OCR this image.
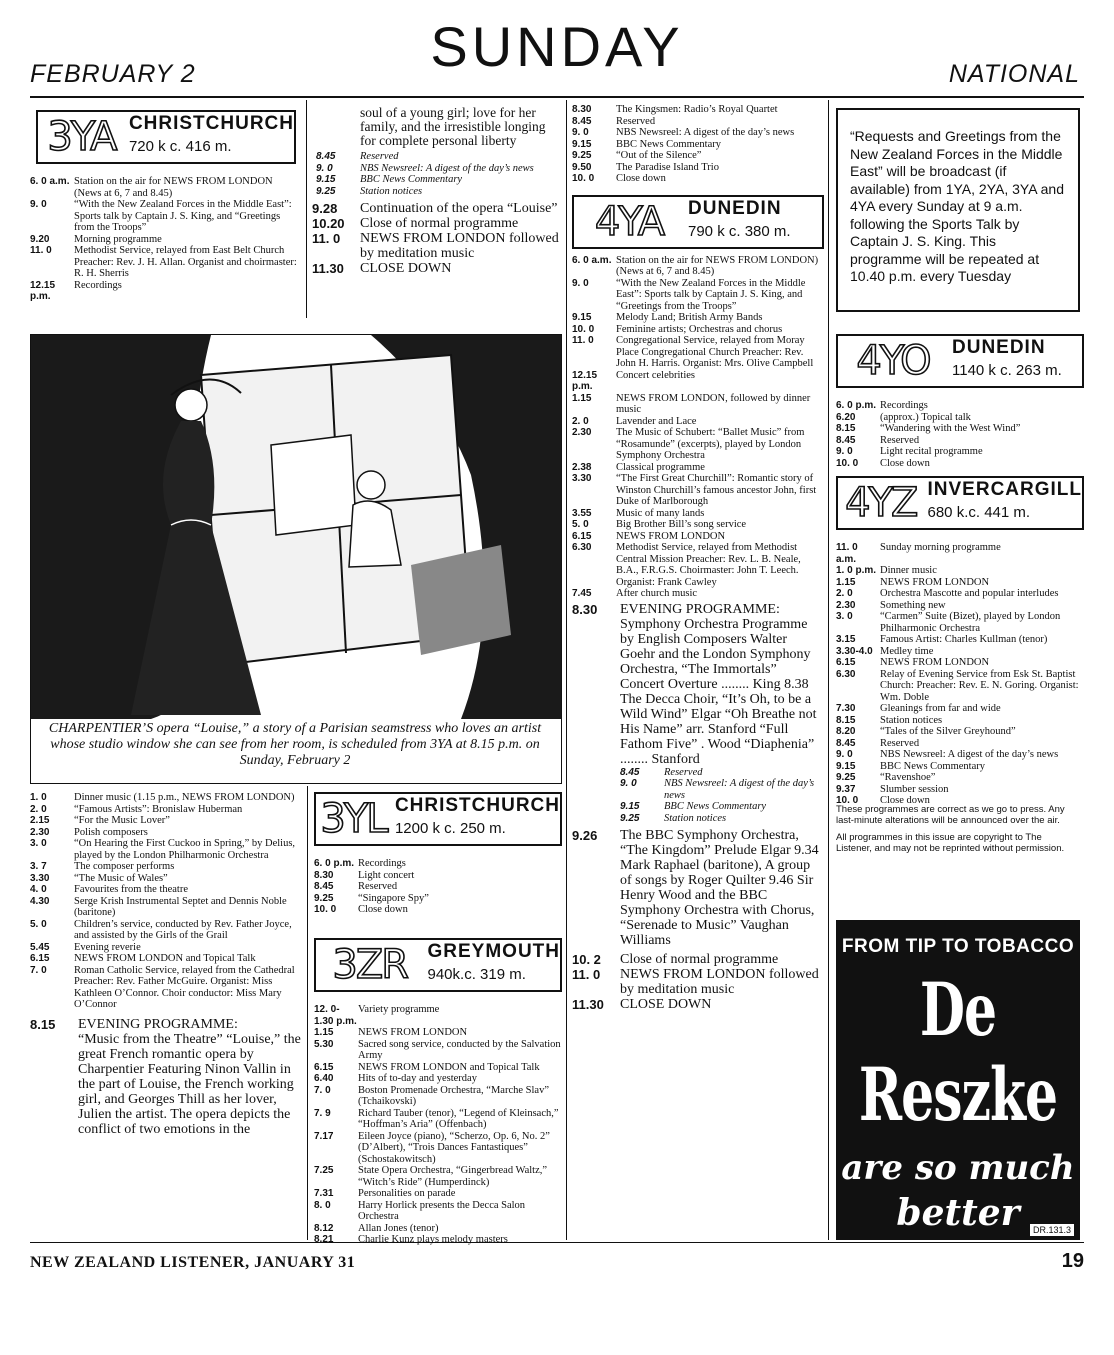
FEBRUARY 2	SUNDAY	NATIONAL
3YA CHRISTCHURCH
720 k c. 416 m.
6. 0 a.m. Station on the air for NEWS FROM LONDON (News at 6, 7 and 8.45)
9. 0	“With the New Zealand Forces in the Middle East”: Sports talk by Captain J. S. King, and “Greetings from the Troops”
9.20	Morning programme
11. 0	Methodist Service, relayed from East Belt Church Preacher: Rev. J. H. Allan. Organist and choirmaster: R. H. Sherris
12.15 p.m.
Recordings
soul of a young girl; love for her family, and the irresistible longing for complete personal liberty
8.45	Reserved
9. 0	NBS Newsreel: A digest of the day’s news
9.15	BBC News Commentary
9.25	Station notices
9.28	Continuation of the opera “Louise”
10.20	Close of normal programme
11. 0	NEWS FROM LONDON followed by meditation music
11.30	CLOSE DOWN
CHARPENTIER’S opera “Louise,” a story of a Parisian seamstress who loves an artist whose studio window she can see from her room, is scheduled from 3YA at 8.15 p.m. on Sunday, February 2
1. 0	Dinner music (1.15 p.m., NEWS FROM LONDON)
2. 0	“Famous Artists”: Bronislaw Huberman
2.15	“For the Music Lover”
2.30	Polish composers
3. 0	“On Hearing the First Cuckoo in Spring,” by Delius, played by the London Philharmonic Orchestra
3. 7	The composer performs
3.30	“The Music of Wales”
4. 0	Favourites from the theatre
4.30	Serge Krish Instrumental Septet and Dennis Noble (baritone)
5. 0	Children’s service, conducted by Rev. Father Joyce, and assisted by the Girls of the Grail
5.45	Evening reverie
6.15	NEWS FROM LONDON and Topical Talk
7. 0	Roman Catholic Service, relayed from the Cathedral Preacher: Rev. Father McGuire. Organist: Miss Kathleen O’Connor. Choir conductor: Miss Mary O’Connor
8.15	EVENING PROGRAMME:
“Music from the Theatre” “Louise,” the great French romantic opera by Charpentier Featuring Ninon Vallin in the part of Louise, the French working girl, and Georges Thill as her lover, Julien the artist. The opera depicts the conflict of two emotions in the
3YL CHRISTCHURCH
1200 k c. 250 m.
6. 0 p.m. Recordings
8.30	Light concert
8.45	Reserved
9.25	“Singapore Spy”
10. 0	Close down
3ZR	GREYMOUTH
940k.c. 319 m.
12. 0-1.30 p.m.
Variety programme
1.15	NEWS FROM LONDON
5.30	Sacred song service, conducted by the Salvation Army
6.15	NEWS FROM LONDON and Topical Talk
6.40	Hits of to-day and yesterday
7. 0	Boston Promenade Orchestra, “Marche Slav” (Tchaikovski)
7. 9	Richard Tauber (tenor), “Legend of Kleinsach,” “Hoffman’s Aria” (Offenbach)
7.17	Eileen Joyce (piano), “Scherzo, Op. 6, No. 2” (D’Albert), “Trois Dances Fantastiques” (Schostakowitsch)
7.25	State Opera Orchestra, “Gingerbread Waltz,” “Witch’s Ride” (Humperdinck)
7.31	Personalities on parade
8. 0	Harry Horlick presents the Decca Salon Orchestra
8.12	Allan Jones (tenor)
8.21	Charlie Kunz plays melody masters
8.30	The Kingsmen: Radio’s Royal Quartet
8.45	Reserved
9. 0	NBS Newsreel: A digest of the day’s news
9.15	BBC News Commentary
9.25	“Out of the Silence”
9.50	The Paradise Island Trio
10. 0	Close down
4YA	DUNEDIN
790 k c. 380 m.
6. 0 a.m. Station on the air for NEWS FROM LONDON) (News at 6, 7 and 8.45)
9. 0	“With the New Zealand Forces in the Middle East”: Sports talk by Captain J. S. King, and “Greetings from the Troops”
9.15	Melody Land; British Army Bands
10. 0	Feminine artists; Orchestras and chorus
11. 0	Congregational Service, relayed from Moray Place Congregational Church Preacher: Rev. John H. Harris. Organist: Mrs. Olive Campbell
12.15 p.m.
Concert celebrities
1.15	NEWS FROM LONDON, followed by dinner music
2. 0	Lavender and Lace
2.30	The Music of Schubert: “Ballet Music” from “Rosamunde” (excerpts), played by London Symphony Orchestra
2.38	Classical programme
3.30	“The First Great Churchill”: Romantic story of Winston Churchill’s famous ancestor John, first Duke of Marlborough
3.55	Music of many lands
5. 0	Big Brother Bill’s song service
6.15	NEWS FROM LONDON
6.30	Methodist Service, relayed from Methodist Central Mission Preacher: Rev. L. B. Neale, B.A., F.R.G.S. Choirmaster: John T. Leech. Organist: Frank Cawley
7.45	After church music
8.30	EVENING PROGRAMME:
Symphony Orchestra Programme by English Composers Walter Goehr and the London Symphony Orchestra, “The Immortals” Concert Overture ........ King 8.38 The Decca Choir, “It’s Oh, to be a Wild Wind” Elgar “Oh Breathe not His Name” arr. Stanford “Full Fathom Five” . Wood “Diaphenia” ........ Stanford
8.45	Reserved
9. 0	NBS Newsreel: A digest of the day’s news
9.15	BBC News Commentary
9.25	Station notices
9.26	The BBC Symphony Orchestra, “The Kingdom” Prelude Elgar 9.34 Mark Raphael (baritone), A group of songs by Roger Quilter 9.46 Sir Henry Wood and the BBC Symphony Orchestra with Chorus, “Serenade to Music” Vaughan Williams
10. 2	Close of normal programme
11. 0	NEWS FROM LONDON followed by meditation music
11.30	CLOSE DOWN
“Requests and Greetings from the New Zealand Forces in the Middle East” will be broadcast (if available) from 1YA, 2YA, 3YA and 4YA every Sunday at 9 a.m. following the Sports Talk by Captain J. S. King. This programme will be repeated at 10.40 p.m. every Tuesday
4YO	DUNEDIN
1140 k c. 263 m.
6. 0 p.m. Recordings
6.20	(approx.) Topical talk
8.15	“Wandering with the West Wind”
8.45	Reserved
9. 0	Light recital programme
10. 0	Close down
4YZ INVERCARGILL
680 k.c. 441 m.
11. 0 a.m.
Sunday morning programme
1. 0 p.m. Dinner music
1.15	NEWS FROM LONDON
2. 0	Orchestra Mascotte and popular interludes
2.30	Something new
3. 0	“Carmen” Suite (Bizet), played by London Philharmonic Orchestra
3.15	Famous Artist: Charles Kullman (tenor)
3.30-4.0 Medley time
6.15	NEWS FROM LONDON
6.30	Relay of Evening Service from Esk St. Baptist Church: Preacher: Rev. E. N. Goring. Organist: Wm. Doble
7.30	Gleanings from far and wide
8.15	Station notices
8.20	“Tales of the Silver Greyhound”
8.45	Reserved
9. 0	NBS Newsreel: A digest of the day’s news
9.15	BBC News Commentary
9.25	“Ravenshoe”
9.37	Slumber session
10. 0	Close down
These programmes are correct as we go to press. Any last-minute alterations will be announced over the air.
All programmes in this issue are copyright to The Listener, and may not be reprinted without permission.
FROM TIP TO TOBACCO
De Reszke
are so much
better	DR.131.3
NEW ZEALAND LISTENER, JANUARY 31	19
